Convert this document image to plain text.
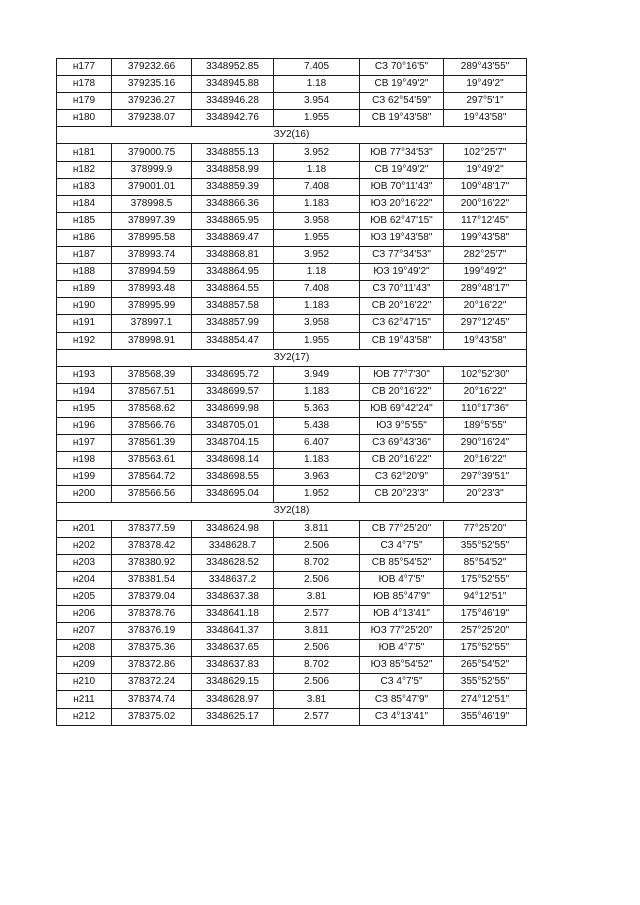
н177	379232.66	3348952.85	7.405	СЗ 70°16'5"	289°43'55"
н178	379235.16	3348945.88	1.18	СВ 19°49'2"	19°49'2"
н179	379236.27	3348946.28	3.954	СЗ 62°54'59"	297°5'1"
н180	379238.07	3348942.76	1.955	СВ 19°43'58"	19°43'58"
ЗУ2(16)					
н181	379000.75	3348855.13	3.952	ЮВ 77°34'53"	102°25'7"
н182	378999.9	3348858.99	1.18	СВ 19°49'2"	19°49'2"
н183	379001.01	3348859.39	7.408	ЮВ 70°11'43"	109°48'17"
н184	378998.5	3348866.36	1.183	ЮЗ 20°16'22"	200°16'22"
н185	378997.39	3348865.95	3.958	ЮВ 62°47'15"	117°12'45"
н186	378995.58	3348869.47	1.955	ЮЗ 19°43'58"	199°43'58"
н187	378993.74	3348868.81	3.952	СЗ 77°34'53"	282°25'7"
н188	378994.59	3348864.95	1.18	ЮЗ 19°49'2"	199°49'2"
н189	378993.48	3348864.55	7.408	СЗ 70°11'43"	289°48'17"
н190	378995.99	3348857.58	1.183	СВ 20°16'22"	20°16'22"
н191	378997.1	3348857.99	3.958	СЗ 62°47'15"	297°12'45"
н192	378998.91	3348854.47	1.955	СВ 19°43'58"	19°43'58"
ЗУ2(17)					
н193	378568.39	3348695.72	3.949	ЮВ 77°7'30"	102°52'30"
н194	378567.51	3348699.57	1.183	СВ 20°16'22"	20°16'22"
н195	378568.62	3348699.98	5.363	ЮВ 69°42'24"	110°17'36"
н196	378566.76	3348705.01	5.438	ЮЗ 9°5'55"	189°5'55"
н197	378561.39	3348704.15	6.407	СЗ 69°43'36"	290°16'24"
н198	378563.61	3348698.14	1.183	СВ 20°16'22"	20°16'22"
н199	378564.72	3348698.55	3.963	СЗ 62°20'9"	297°39'51"
н200	378566.56	3348695.04	1.952	СВ 20°23'3"	20°23'3"
ЗУ2(18)					
н201	378377.59	3348624.98	3.811	СВ 77°25'20"	77°25'20"
н202	378378.42	3348628.7	2.506	СЗ 4°7'5"	355°52'55"
н203	378380.92	3348628.52	8.702	СВ 85°54'52"	85°54'52"
н204	378381.54	3348637.2	2.506	ЮВ 4°7'5"	175°52'55"
н205	378379.04	3348637.38	3.81	ЮВ 85°47'9"	94°12'51"
н206	378378.76	3348641.18	2.577	ЮВ 4°13'41"	175°46'19"
н207	378376.19	3348641.37	3.811	ЮЗ 77°25'20"	257°25'20"
н208	378375.36	3348637.65	2.506	ЮВ 4°7'5"	175°52'55"
н209	378372.86	3348637.83	8.702	ЮЗ 85°54'52"	265°54'52"
н210	378372.24	3348629.15	2.506	СЗ 4°7'5"	355°52'55"
н211	378374.74	3348628.97	3.81	СЗ 85°47'9"	274°12'51"
н212	378375.02	3348625.17	2.577	СЗ 4°13'41"	355°46'19"
